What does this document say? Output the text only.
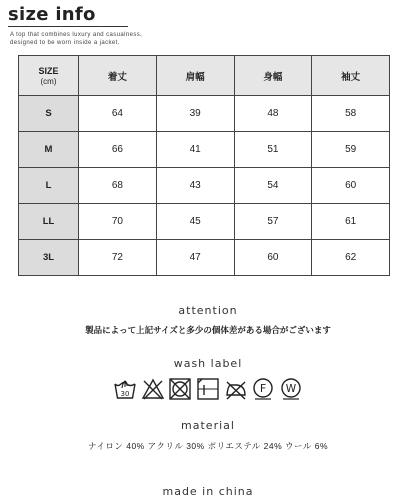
size info
A top that combines luxury and casualness,
designed to be worn inside a jacket.
SIZE
(cm)	着丈	肩幅	身幅	袖丈
S	64	39	48	58
M	66	41	51	59
L	68	43	54	60
LL	70	45	57	61
3L	72	47	60	62
attention
製品によって上記サイズと多少の個体差がある場合がございます
wash label
30	F W
material
ナイロン 40% アクリル 30% ポリエステル 24% ウール 6%
made in china
